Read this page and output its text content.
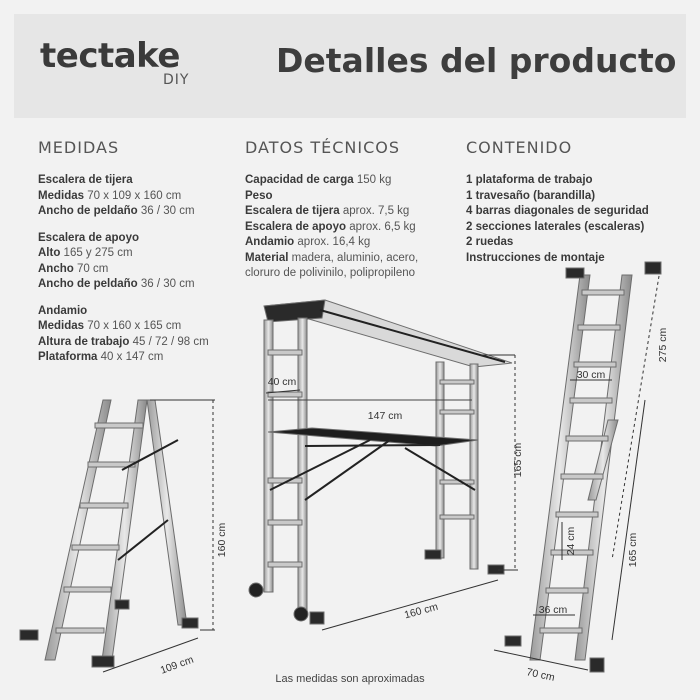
tectake
DIY	Detalles del producto
MEDIDAS
Escalera de tijera
Medidas 70 x 109 x 160 cm
Ancho de peldaño 36 / 30 cm
Escalera de apoyo
Alto 165 y 275 cm
Ancho 70 cm
Ancho de peldaño 36 / 30 cm
Andamio
Medidas 70 x 160 x 165 cm
Altura de trabajo 45 / 72 / 98 cm
Plataforma 40 x 147 cm
DATOS TÉCNICOS
Capacidad de carga 150 kg
Peso
Escalera de tijera aprox. 7,5 kg
Escalera de apoyo aprox. 6,5 kg
Andamio aprox. 16,4 kg
Material madera, aluminio, acero,
cloruro de polivinilo, polipropileno
CONTENIDO
1 plataforma de trabajo
1 travesaño (barandilla)
4 barras diagonales de seguridad
2 secciones laterales (escaleras)
2 ruedas
Instrucciones de montaje
160 cm
109 cm
40 cm
147 cm
165 cm
160 cm
275 cm
30 cm
24 cm	165 cm
36 cm
70 cm
Las medidas son aproximadas
